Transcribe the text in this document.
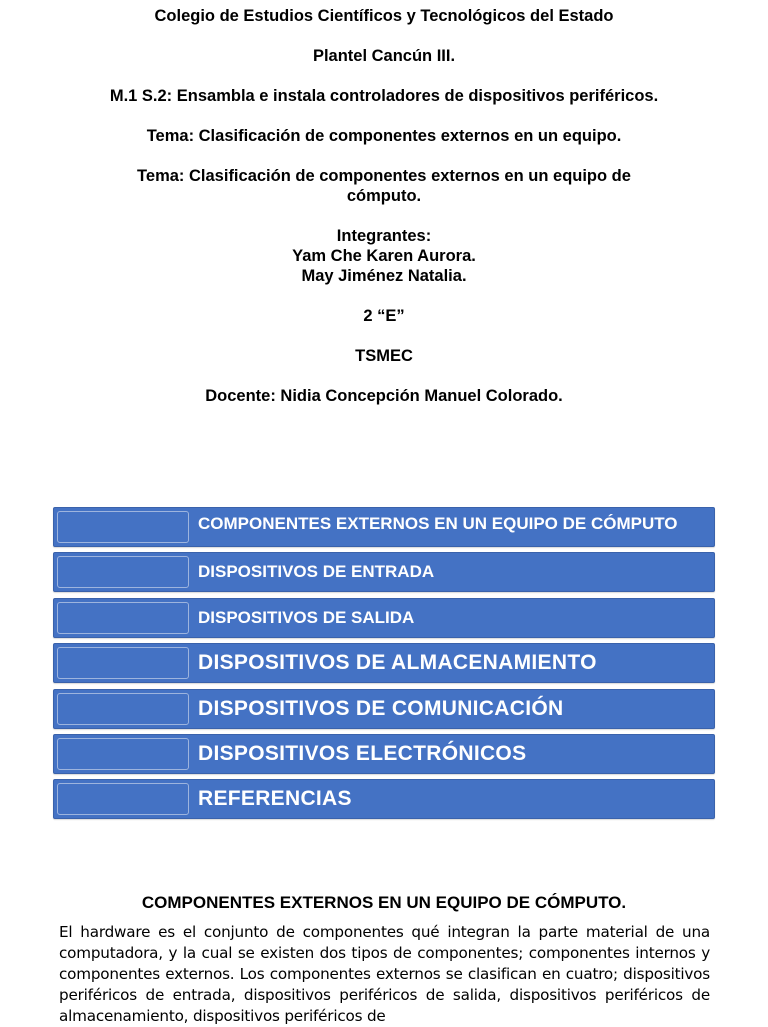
Colegio de Estudios Científicos y Tecnológicos del Estado

Plantel Cancún III.

M.1 S.2: Ensambla e instala controladores de dispositivos periféricos.

Tema: Clasificación de componentes externos en un equipo.

Tema: Clasificación de componentes externos en un equipo de cómputo.

Integrantes:

Yam Che Karen Aurora.

May Jiménez Natalia.

2 “E”

TSMEC

Docente: Nidia Concepción Manuel Colorado.

COMPONENTES EXTERNOS EN UN EQUIPO DE CÓMPUTO
DISPOSITIVOS DE ENTRADA
DISPOSITIVOS DE SALIDA
DISPOSITIVOS DE ALMACENAMIENTO
DISPOSITIVOS DE COMUNICACIÓN
DISPOSITIVOS ELECTRÓNICOS
REFERENCIAS
COMPONENTES EXTERNOS EN UN EQUIPO DE CÓMPUTO.
El hardware es el conjunto de componentes qué integran la parte material de una computadora, y la cual se existen dos tipos de componentes; componentes internos y componentes externos. Los componentes externos se clasifican en cuatro; dispositivos periféricos de entrada, dispositivos periféricos de salida, dispositivos periféricos de almacenamiento, dispositivos periféricos de
